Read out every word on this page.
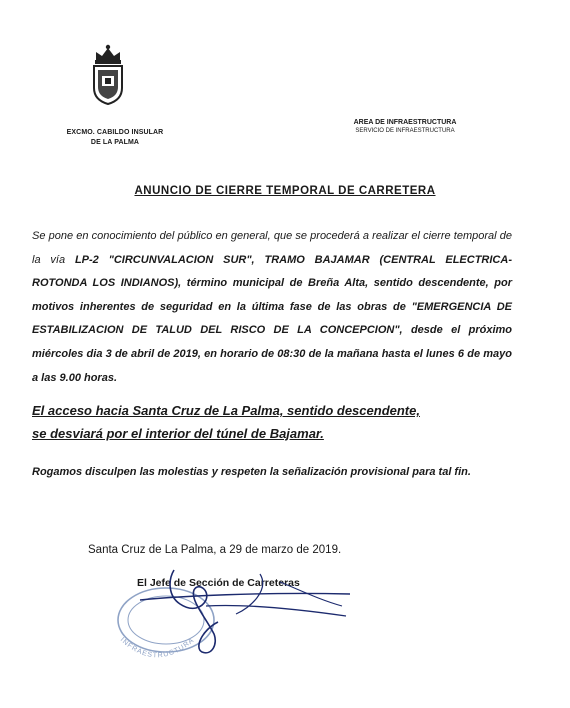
EXCMO. CABILDO INSULAR
DE LA PALMA
AREA DE INFRAESTRUCTURA
SERVICIO DE INFRAESTRUCTURA
ANUNCIO DE CIERRE TEMPORAL DE CARRETERA
Se pone en conocimiento del público en general, que se procederá a realizar el cierre temporal de la vía LP-2 "CIRCUNVALACION SUR", TRAMO BAJAMAR (CENTRAL ELECTRICA-ROTONDA LOS INDIANOS), término municipal de Breña Alta, sentido descendente, por motivos inherentes de seguridad en la última fase de las obras de "EMERGENCIA DE ESTABILIZACION DE TALUD DEL RISCO DE LA CONCEPCION", desde el próximo miércoles dia 3 de abril de 2019, en horario de 08:30 de la mañana hasta el lunes 6 de mayo a las 9.00 horas.
El acceso hacia Santa Cruz de La Palma, sentido descendente,
se desviará por el interior del túnel de Bajamar.
Rogamos disculpen las molestias y respeten la señalización provisional para tal fin.
Santa Cruz de La Palma, a 29 de marzo de 2019.
El Jefe de Sección de Carreteras
INFRAESTRUCTURA
